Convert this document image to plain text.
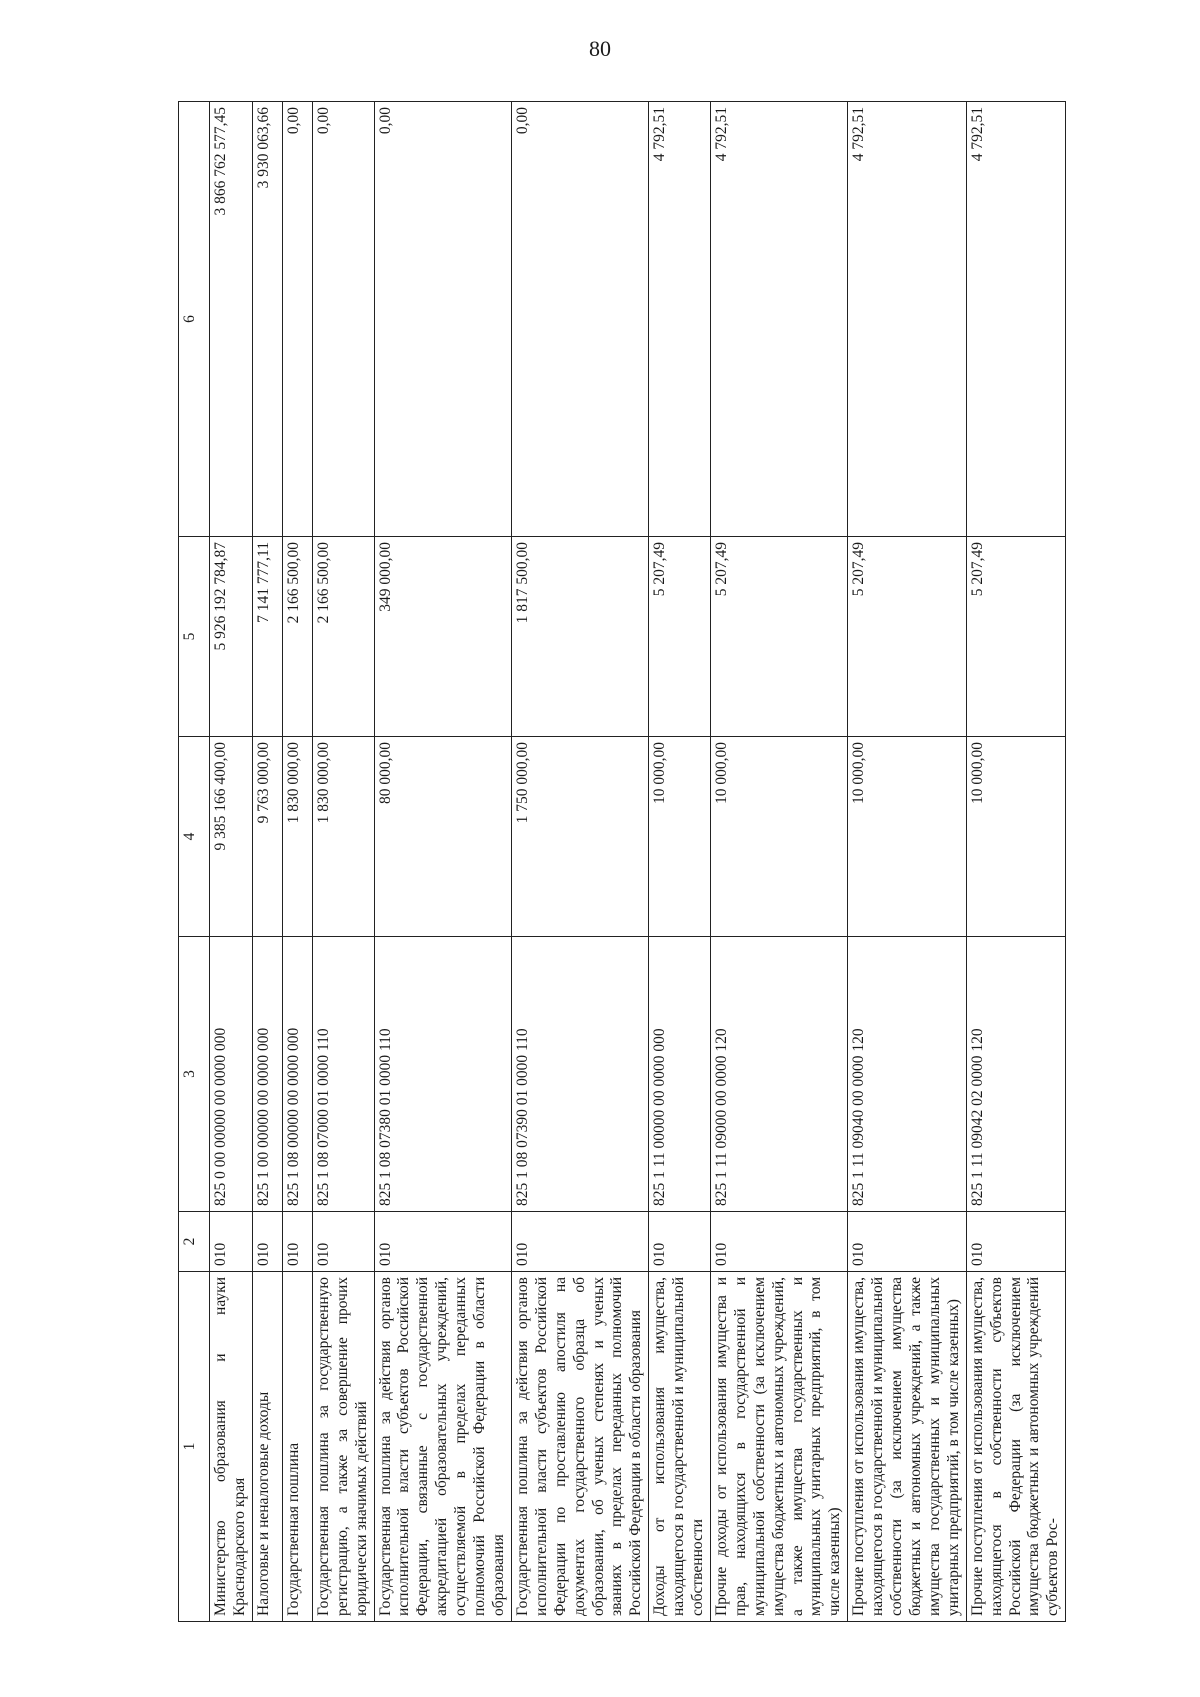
80
1	2	3	4	5	6
Министерство образования и науки Краснодарского края	010	825 0 00 00000 00 0000 000	9 385 166 400,00	5 926 192 784,87	3 866 762 577,45
Налоговые и неналоговые доходы	010	825 1 00 00000 00 0000 000	9 763 000,00	7 141 777,11	3 930 063,66
Государственная пошлина	010	825 1 08 00000 00 0000 000	1 830 000,00	2 166 500,00	0,00
Государственная пошлина за государственную регистрацию, а также за совершение прочих юридически значимых действий	010	825 1 08 07000 01 0000 110	1 830 000,00	2 166 500,00	0,00
Государственная пошлина за действия органов исполнительной власти субъектов Российской Федерации, связанные с государственной аккредитацией образовательных учреждений, осуществляемой в пределах переданных полномочий Российской Федерации в области образования	010	825 1 08 07380 01 0000 110	80 000,00	349 000,00	0,00
Государственная пошлина за действия органов исполнительной власти субъектов Российской Федерации по проставлению апостиля на документах государственного образца об образовании, об ученых степенях и ученых званиях в пределах переданных полномочий Российской Федерации в области образования	010	825 1 08 07390 01 0000 110	1 750 000,00	1 817 500,00	0,00
Доходы от использования имущества, находящегося в государственной и муниципальной собственности	010	825 1 11 00000 00 0000 000	10 000,00	5 207,49	4 792,51
Прочие доходы от использования имущества и прав, находящихся в государственной и муниципальной собственности (за исключением имущества бюджетных и автономных учреждений, а также имущества государственных и муниципальных унитарных предприятий, в том числе казенных)	010	825 1 11 09000 00 0000 120	10 000,00	5 207,49	4 792,51
Прочие поступления от использования имущества, находящегося в государственной и муниципальной собственности (за исключением имущества бюджетных и автономных учреждений, а также имущества государственных и муниципальных унитарных предприятий, в том числе казенных)	010	825 1 11 09040 00 0000 120	10 000,00	5 207,49	4 792,51
Прочие поступления от использования имущества, находящегося в собственности субъектов Российской Федерации (за исключением имущества бюджетных и автономных учреждений субъектов Рос-	010	825 1 11 09042 02 0000 120	10 000,00	5 207,49	4 792,51
